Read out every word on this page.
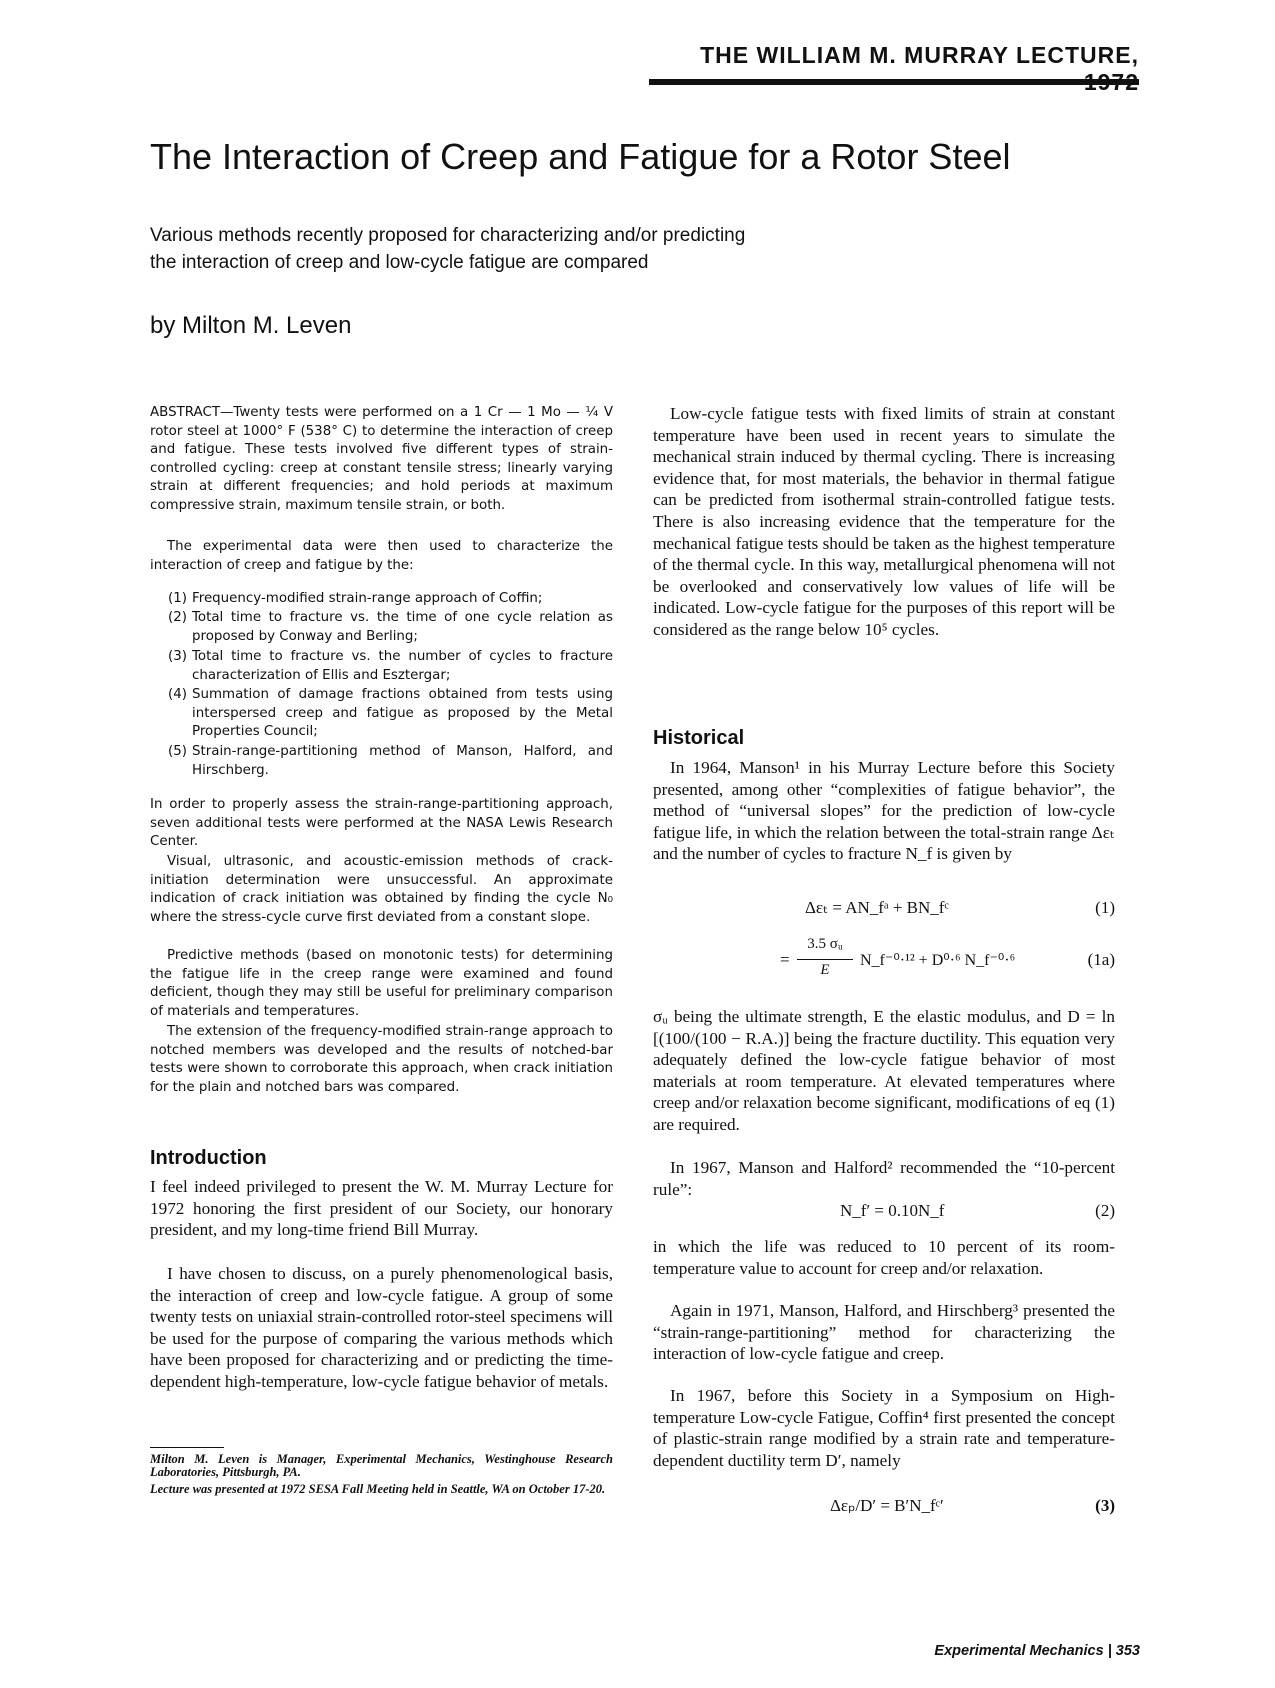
THE WILLIAM M. MURRAY LECTURE,
The Interaction of Creep and Fatigue for a Rotor Steel
Various methods recently proposed for characterizing and/or predicting
the interaction of creep and low-cycle fatigue are compared
by Milton M. Leven

ABSTRACT—Twenty tests were performed on a 1 Cr — 1 Mo — ¼ V rotor steel at 1000° F (538° C) to determine the interaction of creep and fatigue. These tests involved five different types of strain-controlled cycling: creep at constant tensile stress; linearly varying strain at different frequencies; and hold periods at maximum compressive strain, maximum tensile strain, or both.

The experimental data were then used to characterize the interaction of creep and fatigue by the:

(1) Frequency-modified strain-range approach of Coffin;
(2) Total time to fracture vs. the time of one cycle relation as proposed by Conway and Berling;
(3) Total time to fracture vs. the number of cycles to fracture characterization of Ellis and Esztergar;
(4) Summation of damage fractions obtained from tests using interspersed creep and fatigue as proposed by the Metal Properties Council;
(5) Strain-range-partitioning method of Manson, Halford, and Hirschberg.

In order to properly assess the strain-range-partitioning approach, seven additional tests were performed at the NASA Lewis Research Center.

Visual, ultrasonic, and acoustic-emission methods of crack-initiation determination were unsuccessful. An approximate indication of crack initiation was obtained by finding the cycle N₀ where the stress-cycle curve first deviated from a constant slope.

Predictive methods (based on monotonic tests) for determining the fatigue life in the creep range were examined and found deficient, though they may still be useful for preliminary comparison of materials and temperatures.

The extension of the frequency-modified strain-range approach to notched members was developed and the results of notched-bar tests were shown to corroborate this approach, when crack initiation for the plain and notched bars was compared.

Introduction

I feel indeed privileged to present the W. M. Murray Lecture for 1972 honoring the first president of our Society, our honorary president, and my long-time friend Bill Murray.

I have chosen to discuss, on a purely phenomenological basis, the interaction of creep and low-cycle fatigue. A group of some twenty tests on uniaxial strain-controlled rotor-steel specimens will be used for the purpose of comparing the various methods which have been proposed for characterizing and or predicting the time-dependent high-temperature, low-cycle fatigue behavior of metals.

Milton M. Leven is Manager, Experimental Mechanics, Westinghouse Research Laboratories, Pittsburgh, PA.

Lecture was presented at 1972 SESA Fall Meeting held in Seattle, WA on October 17-20.

Low-cycle fatigue tests with fixed limits of strain at constant temperature have been used in recent years to simulate the mechanical strain induced by thermal cycling. There is increasing evidence that, for most materials, the behavior in thermal fatigue can be predicted from isothermal strain-controlled fatigue tests. There is also increasing evidence that the temperature for the mechanical fatigue tests should be taken as the highest temperature of the thermal cycle. In this way, metallurgical phenomena will not be overlooked and conservatively low values of life will be indicated. Low-cycle fatigue for the purposes of this report will be considered as the range below 10⁵ cycles.

Historical

In 1964, Manson¹ in his Murray Lecture before this Society presented, among other “complexities of fatigue behavior”, the method of “universal slopes” for the prediction of low-cycle fatigue life, in which the relation between the total-strain range Δεₜ and the number of cycles to fracture N_f is given by

Δεₜ = AN_fᵃ + BN_fᶜ	(1)
=
3.5 σᵤ
E
N_f⁻⁰·¹² + D⁰·⁶ N_f⁻⁰·⁶	(1a)

σᵤ being the ultimate strength, E the elastic modulus, and D = ln [(100/(100 − R.A.)] being the fracture ductility. This equation very adequately defined the low-cycle fatigue behavior of most materials at room temperature. At elevated temperatures where creep and/or relaxation become significant, modifications of eq (1) are required.

In 1967, Manson and Halford² recommended the “10-percent rule”:

N_f′ = 0.10N_f	(2)

in which the life was reduced to 10 percent of its room-temperature value to account for creep and/or relaxation.

Again in 1971, Manson, Halford, and Hirschberg³ presented the “strain-range-partitioning” method for characterizing the interaction of low-cycle fatigue and creep.

In 1967, before this Society in a Symposium on High-temperature Low-cycle Fatigue, Coffin⁴ first presented the concept of plastic-strain range modified by a strain rate and temperature-dependent ductility term D′, namely

Δεₚ/D′ = B′N_fᶜ′	(3)
Experimental Mechanics | 353
